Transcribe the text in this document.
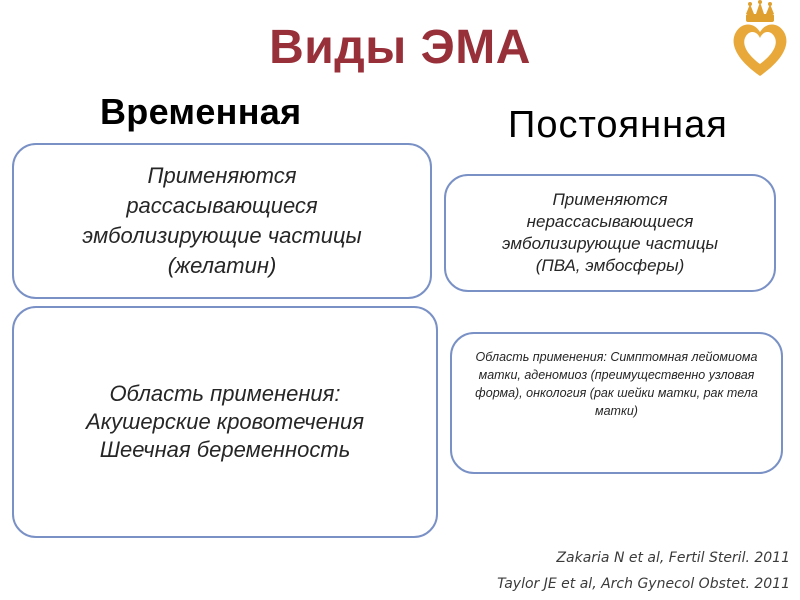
Виды ЭМА
Временная	Постоянная
Применяются
рассасывающиеся
эмболизирующие частицы
(желатин)
Область применения:
Акушерские кровотечения
Шеечная беременность
Применяются
нерассасывающиеся
эмболизирующие частицы
(ПВА, эмбосферы)
Область применения: Симптомная лейомиома матки, аденомиоз (преимущественно узловая форма), онкология (рак шейки матки, рак тела матки)
Zakaria N et al, Fertil Steril. 2011
Taylor JE et al, Arch Gynecol Obstet. 2011
